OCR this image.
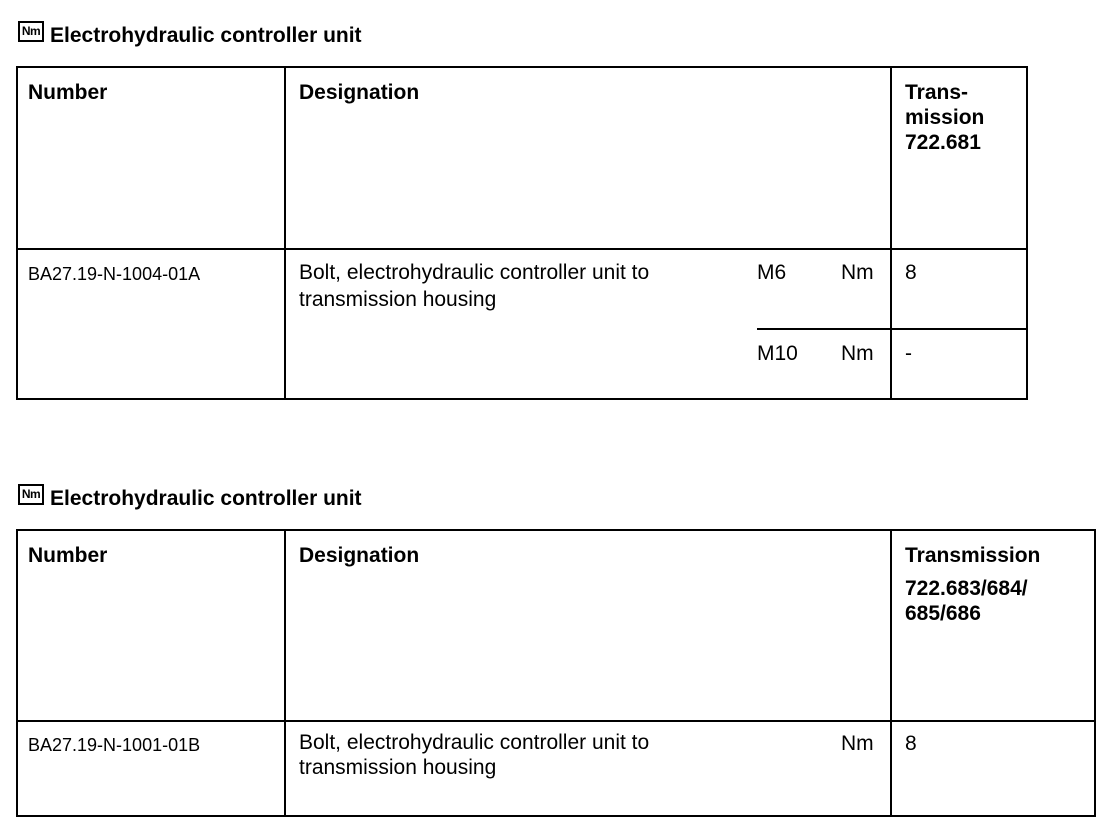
Nm Electrohydraulic controller unit
Number	Designation	Trans-
mission
722.681
BA27.19-N-1004-01A	Bolt, electrohydraulic controller unit to
transmission housing
M6	Nm 8
M10 Nm -
Nm Electrohydraulic controller unit
Number	Designation	Transmission
722.683/684/
685/686
BA27.19-N-1001-01B	Bolt, electrohydraulic controller unit to
transmission housing
Nm 8
